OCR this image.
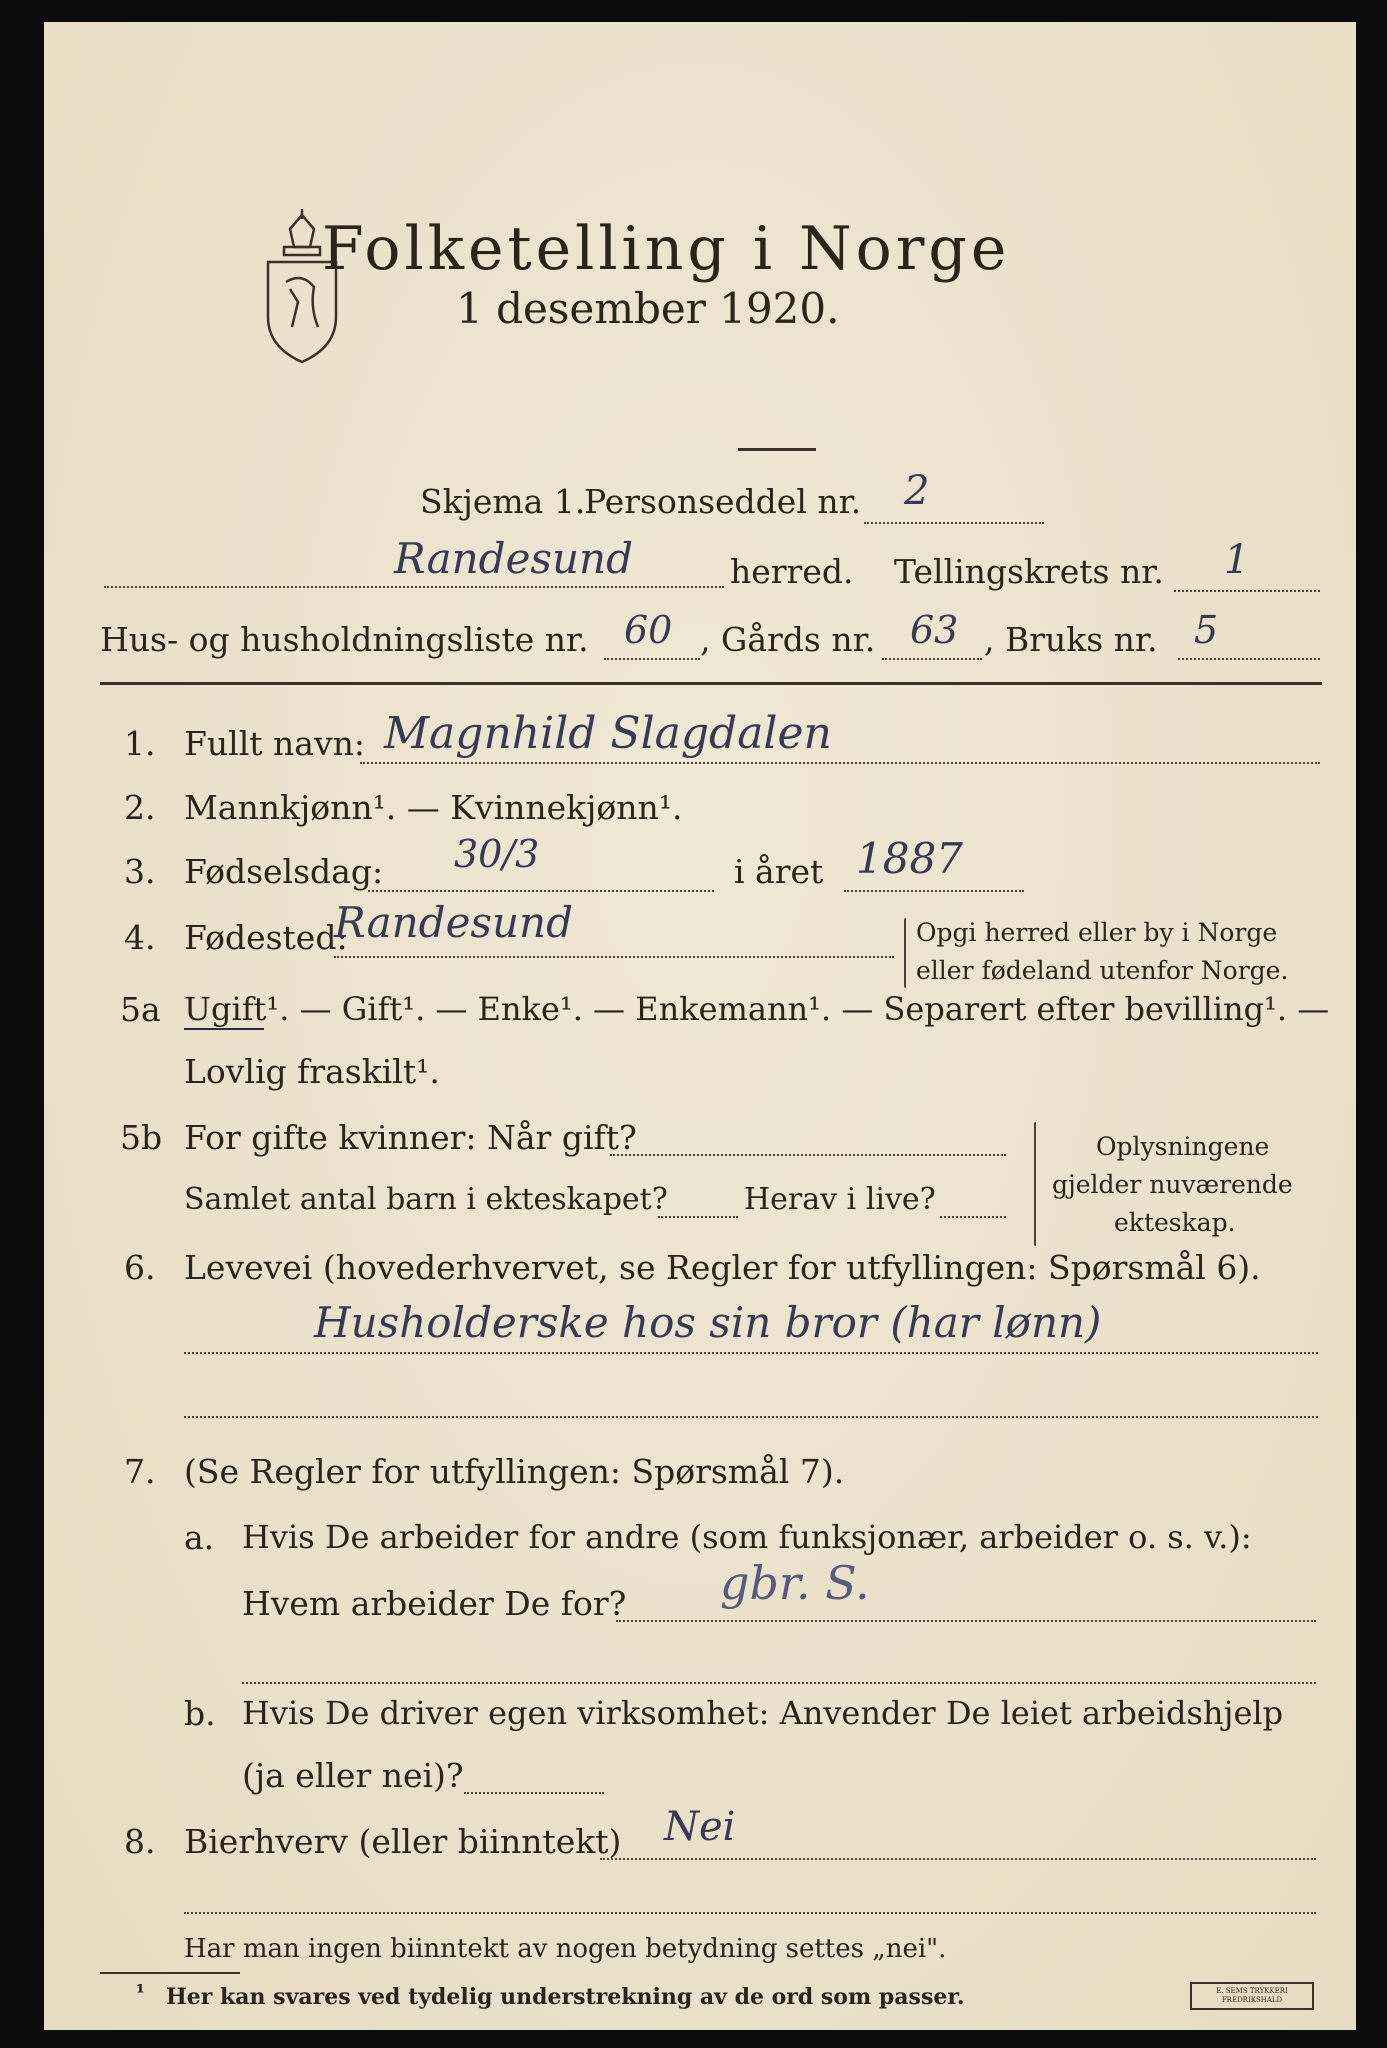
Folketelling i Norge
1 desember 1920.
Skjema 1.
Personseddel nr. 2
Randesund	herred. Tellingskrets nr. 1
Hus- og husholdningsliste nr. 60 , Gårds nr. 63 , Bruks nr. 5
1. Fullt navn: Magnhild Slagdalen
2. Mannkjønn¹. — Kvinnekjønn¹.
3. Fødselsdag: 30/3	i året 1887
4. Fødested:
Randesund	Opgi herred eller by i Norge
eller fødeland utenfor Norge.
5a Ugift¹. — Gift¹. — Enke¹. — Enkemann¹. — Separert efter bevilling¹. —
Lovlig fraskilt¹.
5b For gifte kvinner: Når gift?
Samlet antal barn i ekteskapet?	Herav i live?
Oplysningene
gjelder nuværende
ekteskap.
6. Levevei (hovederhvervet, se Regler for utfyllingen: Spørsmål 6).
Husholderske hos sin bror (har lønn)
7. (Se Regler for utfyllingen: Spørsmål 7).
a. Hvis De arbeider for andre (som funksjonær, arbeider o. s. v.):
Hvem arbeider De for? gbr. S.
b. Hvis De driver egen virksomhet: Anvender De leiet arbeidshjelp
(ja eller nei)?
8. Bierhverv (eller biinntekt) Nei
Har man ingen biinntekt av nogen betydning settes „nei".
¹ Her kan svares ved tydelig understrekning av de ord som passer.	E. SEMS TRYKKERI FREDRIKSHALD
